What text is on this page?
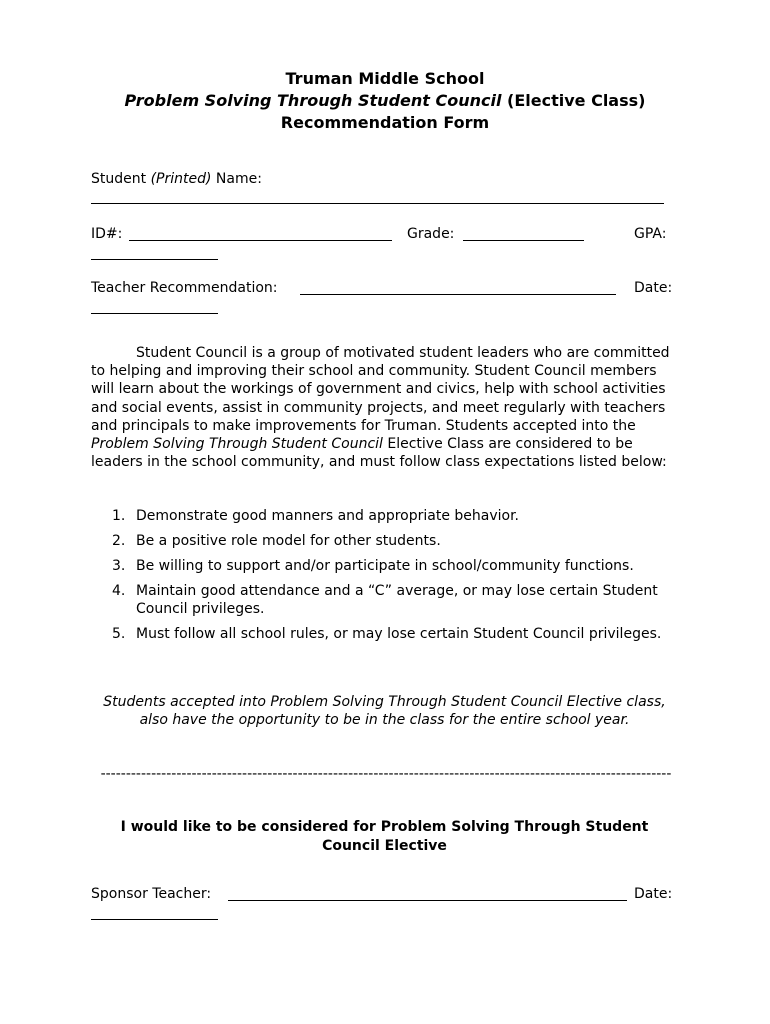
Truman Middle School
Problem Solving Through Student Council (Elective Class)
Recommendation Form
Student (Printed) Name:
ID#:	Grade:	GPA:
Teacher Recommendation:	Date:
Student Council is a group of motivated student leaders who are committed to helping and improving their school and community. Student Council members will learn about the workings of government and civics, help with school activities and social events, assist in community projects, and meet regularly with teachers and principals to make improvements for Truman. Students accepted into the Problem Solving Through Student Council Elective Class are considered to be leaders in the school community, and must follow class expectations listed below:
1. Demonstrate good manners and appropriate behavior.
2. Be a positive role model for other students.
3. Be willing to support and/or participate in school/community functions.
4. Maintain good attendance and a “C” average, or may lose certain Student Council privileges.
5. Must follow all school rules, or may lose certain Student Council privileges.
Students accepted into Problem Solving Through Student Council Elective class,
also have the opportunity to be in the class for the entire school year.
-----------------------------------------------------------------------------------------------------------------
I would like to be considered for Problem Solving Through Student Council Elective
Sponsor Teacher:	Date:
